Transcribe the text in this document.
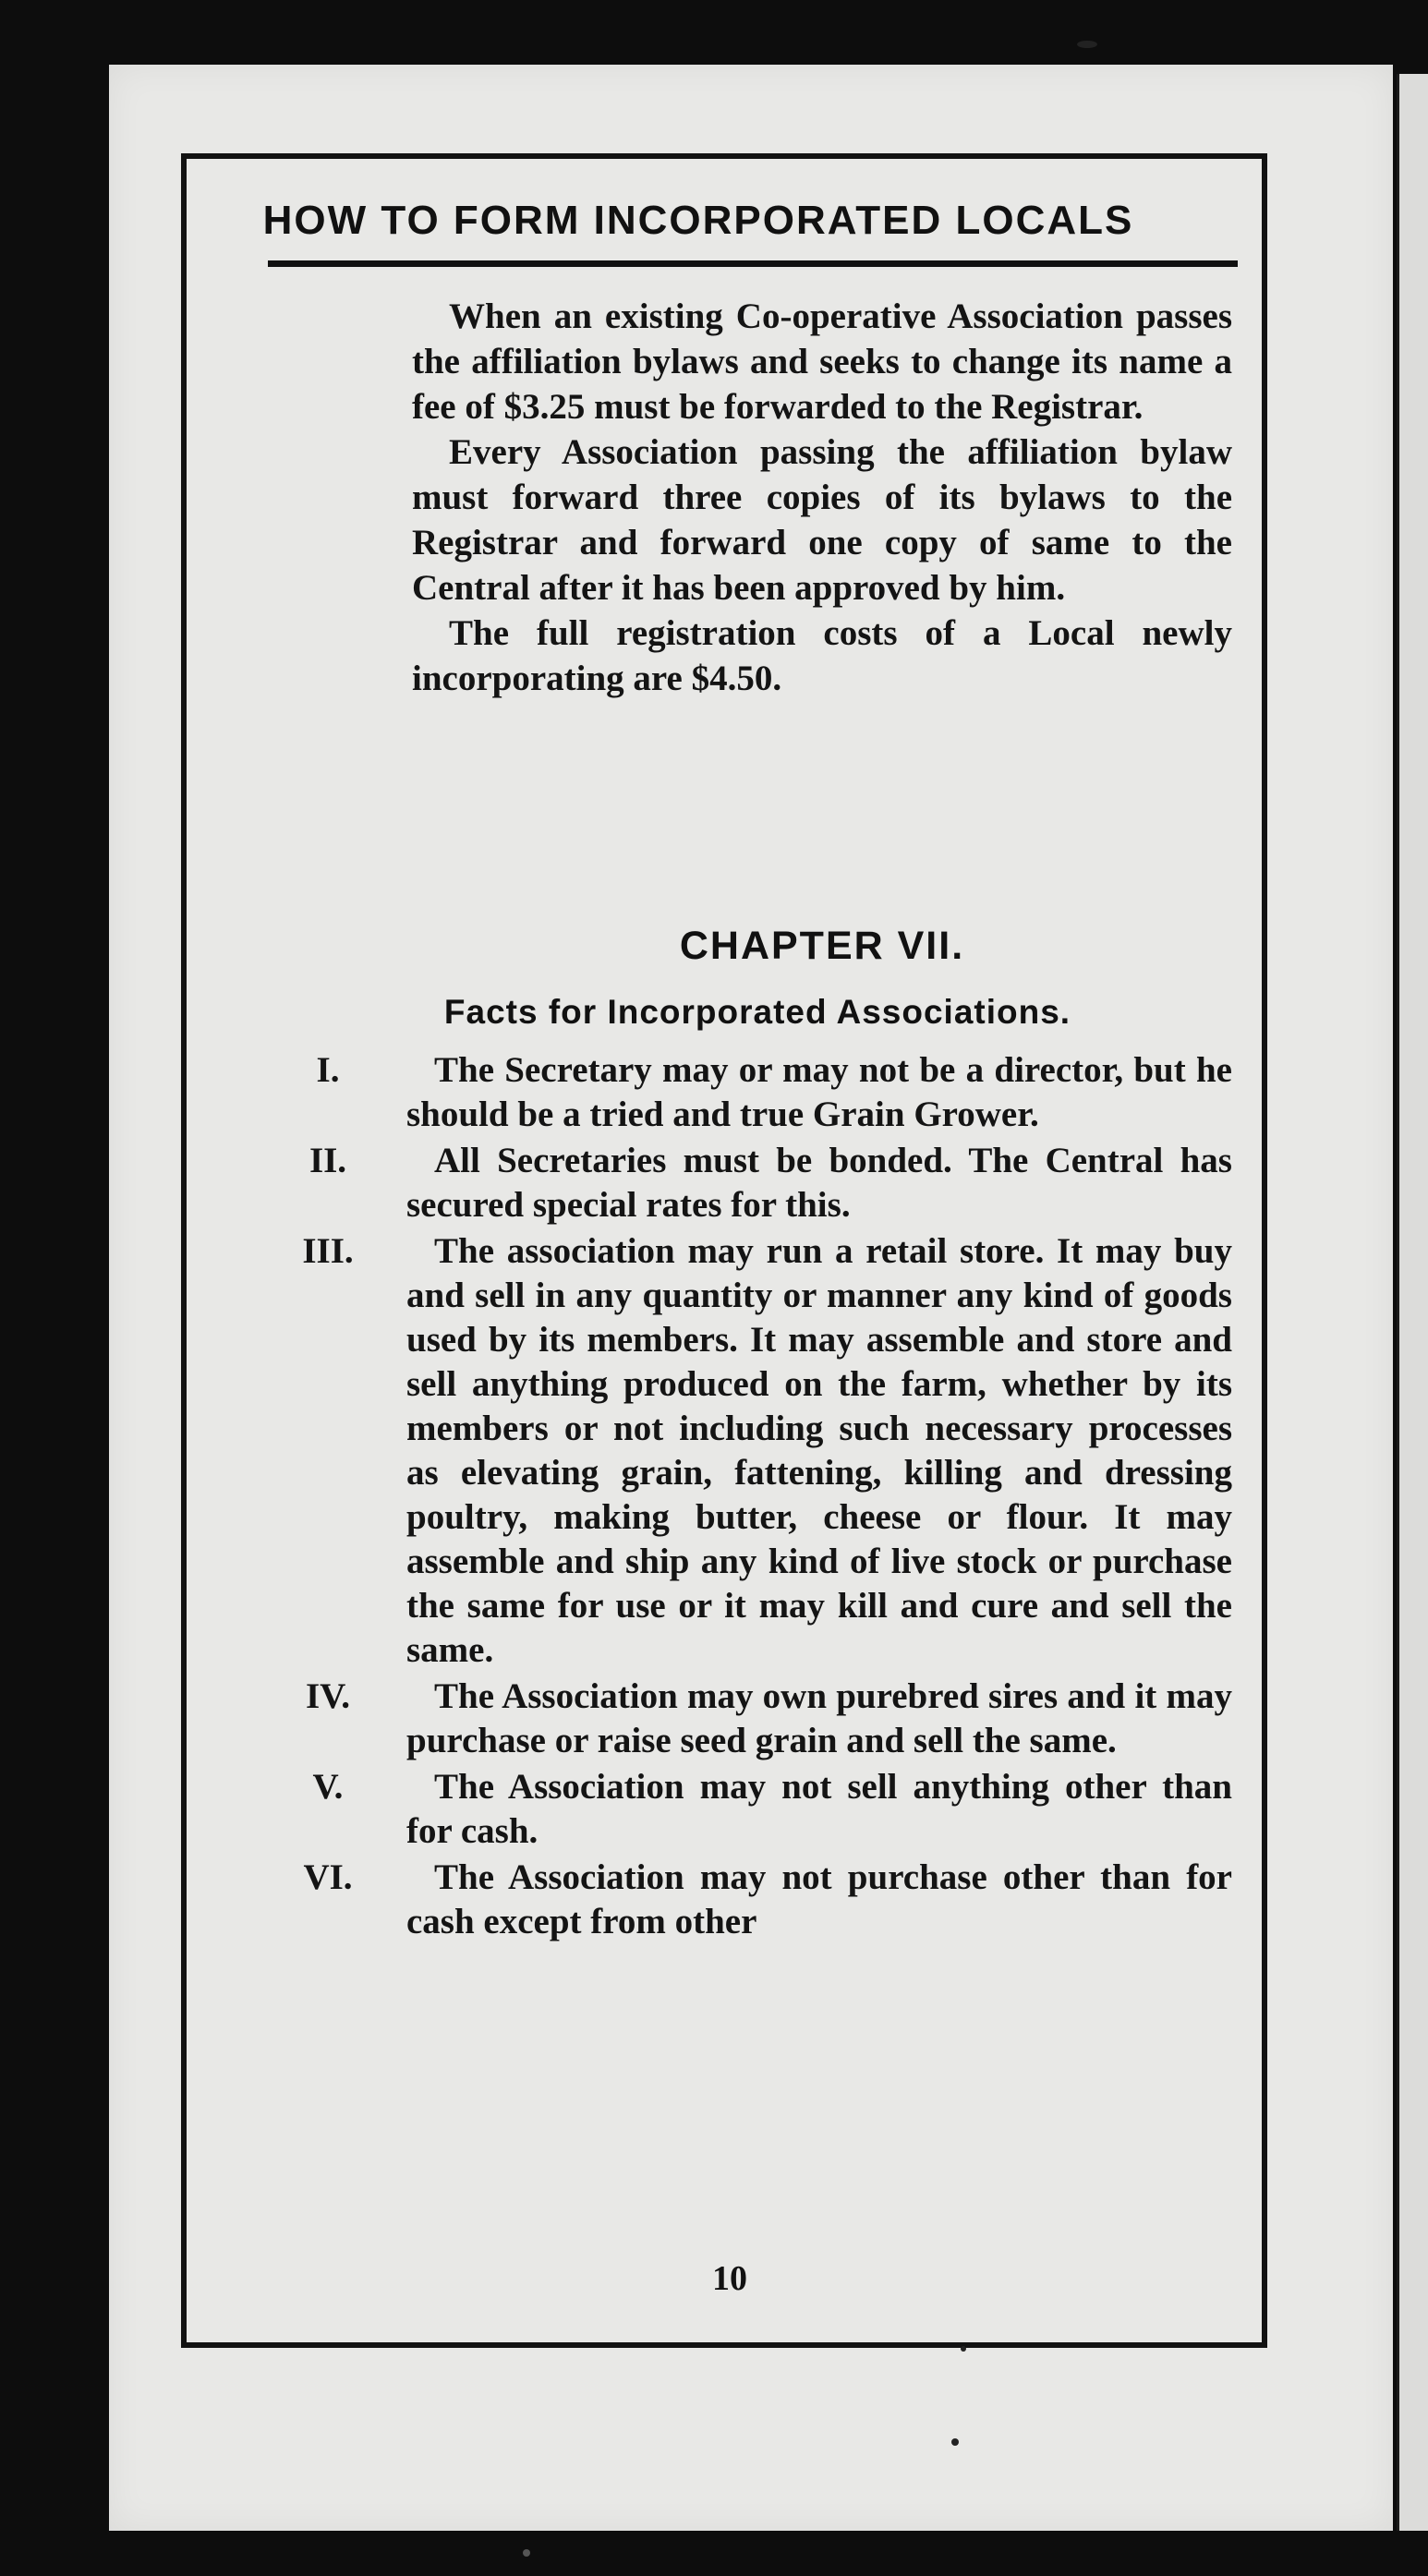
HOW TO FORM INCORPORATED LOCALS

When an existing Co-operative Association passes the affiliation bylaws and seeks to change its name a fee of $3.25 must be forwarded to the Registrar.

Every Association passing the affiliation bylaw must forward three copies of its bylaws to the Registrar and forward one copy of same to the Central after it has been approved by him.

The full registration costs of a Local newly incorporating are $4.50.

CHAPTER VII.
Facts for Incorporated Associations.
I.	The Secretary may or may not be a director, but he should be a tried and true Grain Grower.
II.	All Secretaries must be bonded. The Central has secured special rates for this.
III.	The association may run a retail store. It may buy and sell in any quantity or manner any kind of goods used by its members. It may assemble and store and sell anything produced on the farm, whether by its members or not including such necessary processes as elevating grain, fattening, killing and dressing poultry, making butter, cheese or flour. It may assemble and ship any kind of live stock or purchase the same for use or it may kill and cure and sell the same.
IV.	The Association may own purebred sires and it may purchase or raise seed grain and sell the same.
V.	The Association may not sell anything other than for cash.
VI.	The Association may not purchase other than for cash except from other

10
